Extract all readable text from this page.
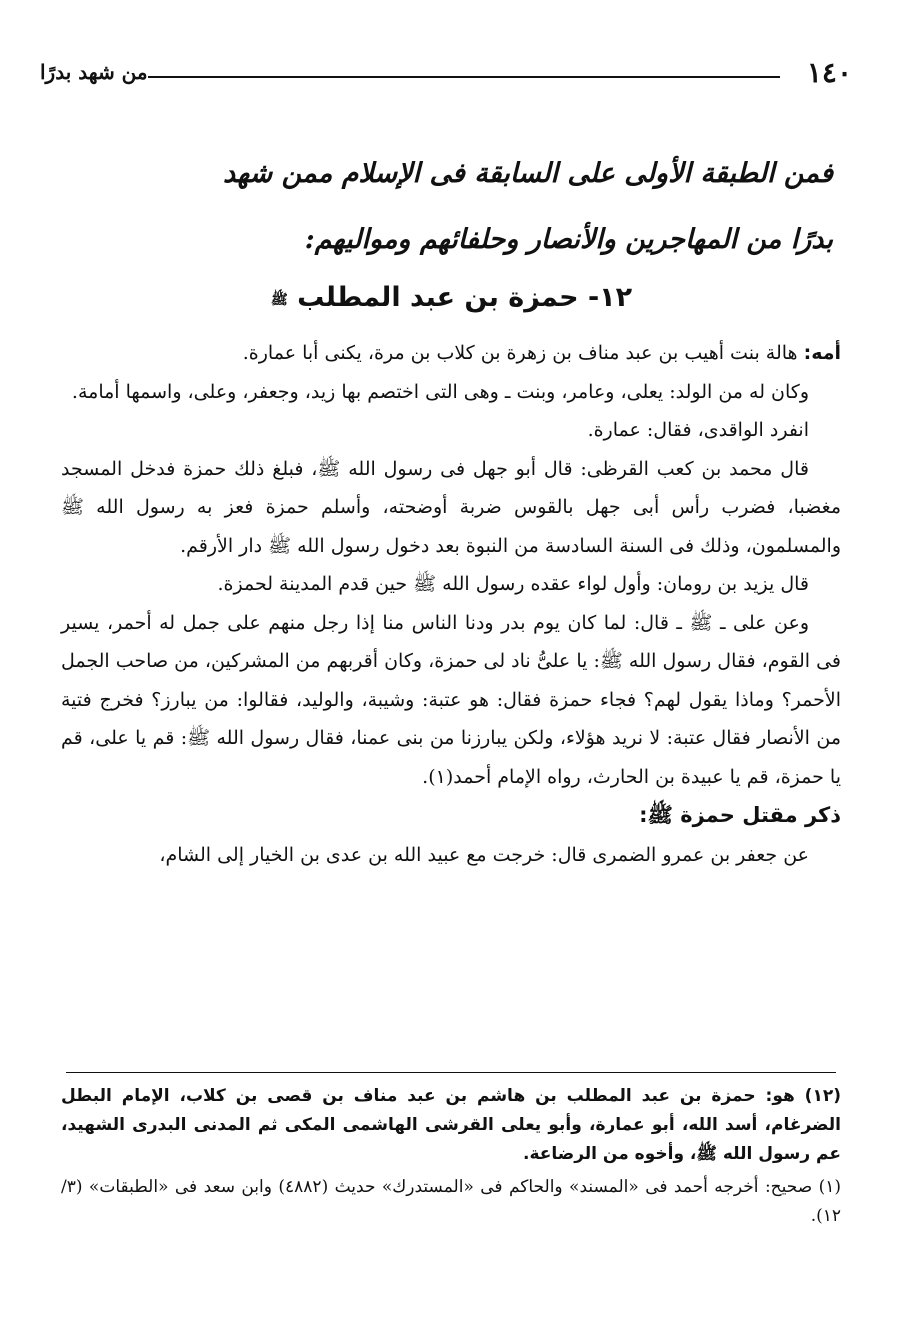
١٤٠
من شهد بدرًا
فمن الطبقة الأولى على السابقة فى الإسلام ممن شهد
بدرًا من المهاجرين والأنصار وحلفائهم ومواليهم:
١٢- حمزة بن عبد المطلب ﷺ

أمه: هالة بنت أهيب بن عبد مناف بن زهرة بن كلاب بن مرة، يكنى أبا عمارة.

وكان له من الولد: يعلى، وعامر، وبنت ـ وهى التى اختصم بها زيد، وجعفر، وعلى، واسمها أمامة.

انفرد الواقدى، فقال: عمارة.

قال محمد بن كعب القرظى: قال أبو جهل فى رسول الله ﷺ، فبلغ ذلك حمزة فدخل المسجد مغضبا، فضرب رأس أبى جهل بالقوس ضربة أوضحته، وأسلم حمزة فعز به رسول الله ﷺ والمسلمون، وذلك فى السنة السادسة من النبوة بعد دخول رسول الله ﷺ دار الأرقم.

قال يزيد بن رومان: وأول لواء عقده رسول الله ﷺ حين قدم المدينة لحمزة.

وعن على ـ ﷺ ـ قال: لما كان يوم بدر ودنا الناس منا إذا رجل منهم على جمل له أحمر، يسير فى القوم، فقال رسول الله ﷺ: يا علىُّ ناد لى حمزة، وكان أقربهم من المشركين، من صاحب الجمل الأحمر؟ وماذا يقول لهم؟ فجاء حمزة فقال: هو عتبة: وشيبة، والوليد، فقالوا: من يبارز؟ فخرج فتية من الأنصار فقال عتبة: لا نريد هؤلاء، ولكن يبارزنا من بنى عمنا، فقال رسول الله ﷺ: قم يا على، قم يا حمزة، قم يا عبيدة بن الحارث، رواه الإمام أحمد(١).

ذكر مقتل حمزة ﷺ:

عن جعفر بن عمرو الضمرى قال: خرجت مع عبيد الله بن عدى بن الخيار إلى الشام،

(١٢) هو: حمزة بن عبد المطلب بن هاشم بن عبد مناف بن قصى بن كلاب، الإمام البطل الضرغام، أسد الله، أبو عمارة، وأبو يعلى القرشى الهاشمى المكى ثم المدنى البدرى الشهيد، عم رسول الله ﷺ، وأخوه من الرضاعة.

(١) صحيح: أخرجه أحمد فى «المسند» والحاكم فى «المستدرك» حديث (٤٨٨٢) وابن سعد فى «الطبقات» (٣/ ١٢).
